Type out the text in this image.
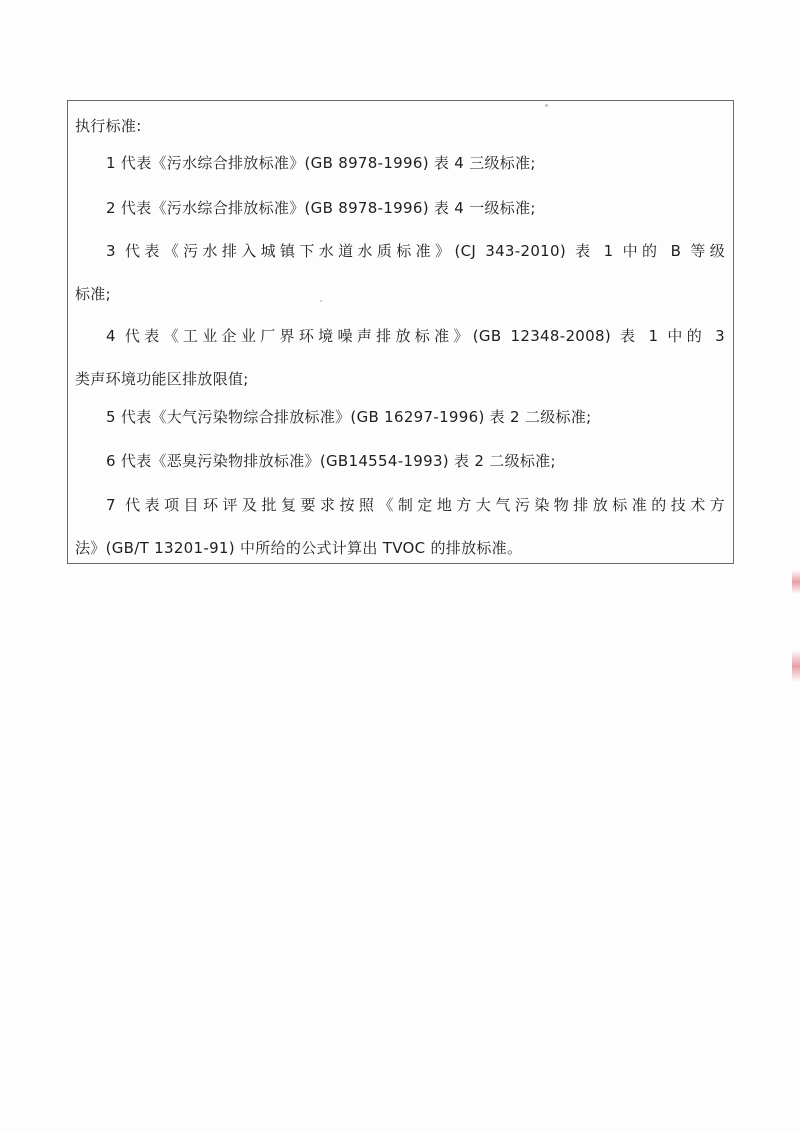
执行标准:
1 代表《污水综合排放标准》(GB 8978-1996) 表 4 三级标准;
2 代表《污水综合排放标准》(GB 8978-1996) 表 4 一级标准;
3 代表《污水排入城镇下水道水质标准》(CJ 343-2010) 表 1 中的 B 等级
标准;
4 代表《工业企业厂界环境噪声排放标准》(GB 12348-2008) 表 1 中的 3
类声环境功能区排放限值;
5 代表《大气污染物综合排放标准》(GB 16297-1996) 表 2 二级标准;
6 代表《恶臭污染物排放标准》(GB14554-1993) 表 2 二级标准;
7 代表项目环评及批复要求按照《制定地方大气污染物排放标准的技术方
法》(GB/T 13201-91) 中所给的公式计算出 TVOC 的排放标准。
